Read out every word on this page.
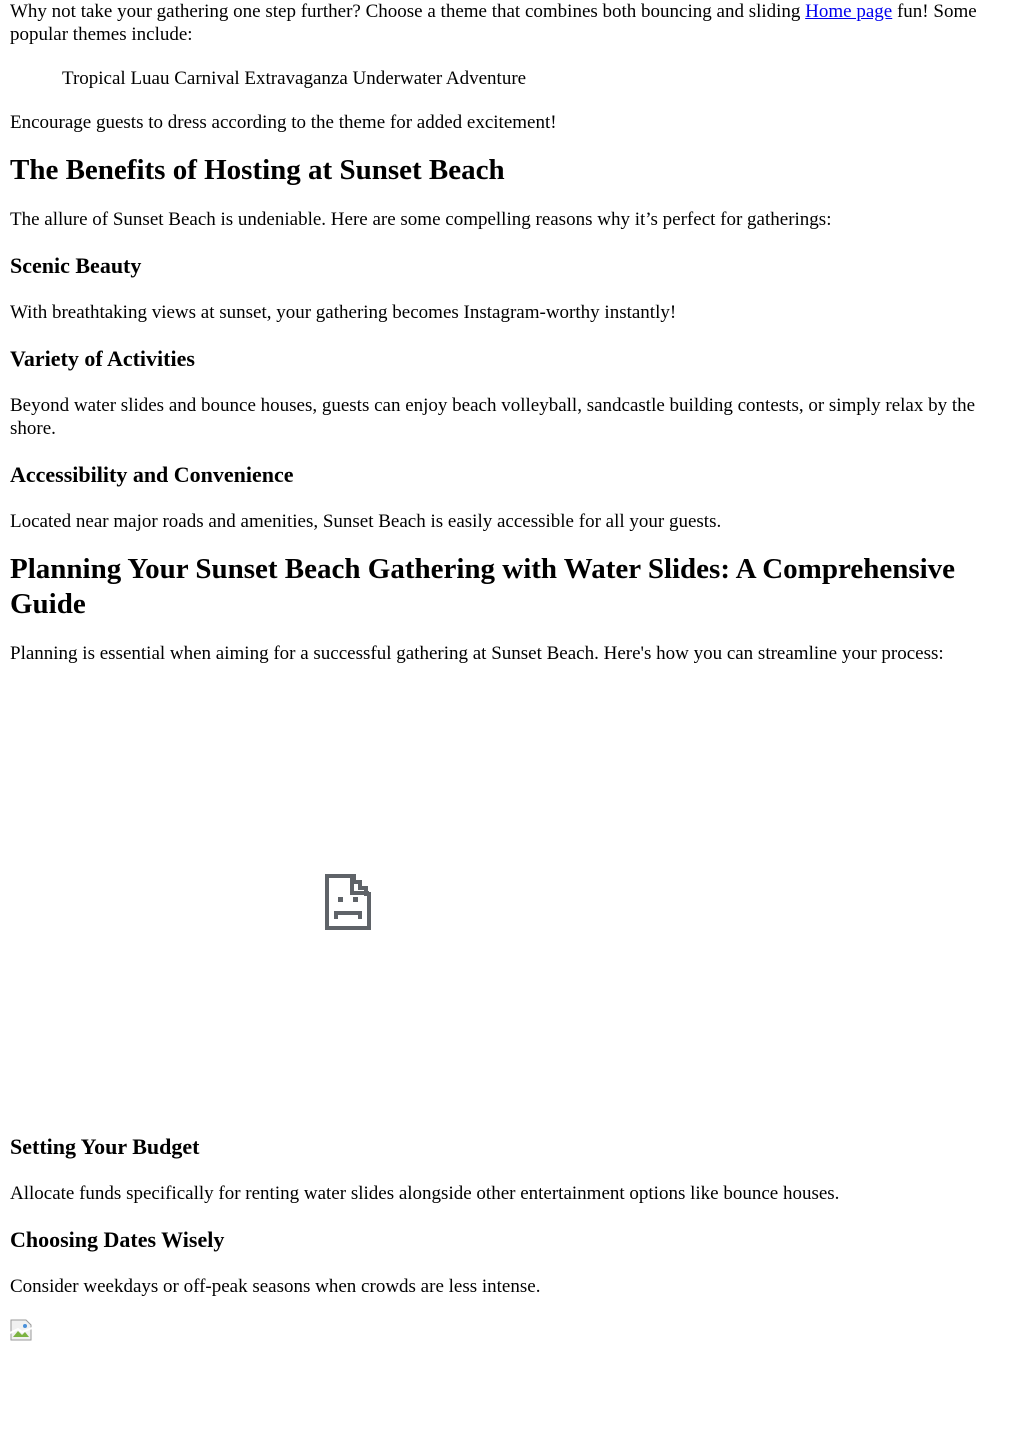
Why not take your gathering one step further? Choose a theme that combines both bouncing and sliding Home page fun! Some popular themes include:

Tropical Luau Carnival Extravaganza Underwater Adventure

Encourage guests to dress according to the theme for added excitement!

The Benefits of Hosting at Sunset Beach

The allure of Sunset Beach is undeniable. Here are some compelling reasons why it’s perfect for gatherings:

Scenic Beauty

With breathtaking views at sunset, your gathering becomes Instagram-worthy instantly!

Variety of Activities

Beyond water slides and bounce houses, guests can enjoy beach volleyball, sandcastle building contests, or simply relax by the shore.

Accessibility and Convenience

Located near major roads and amenities, Sunset Beach is easily accessible for all your guests.

Planning Your Sunset Beach Gathering with Water Slides: A Comprehensive Guide

Planning is essential when aiming for a successful gathering at Sunset Beach. Here's how you can streamline your process:

Setting Your Budget

Allocate funds specifically for renting water slides alongside other entertainment options like bounce houses.

Choosing Dates Wisely

Consider weekdays or off-peak seasons when crowds are less intense.
